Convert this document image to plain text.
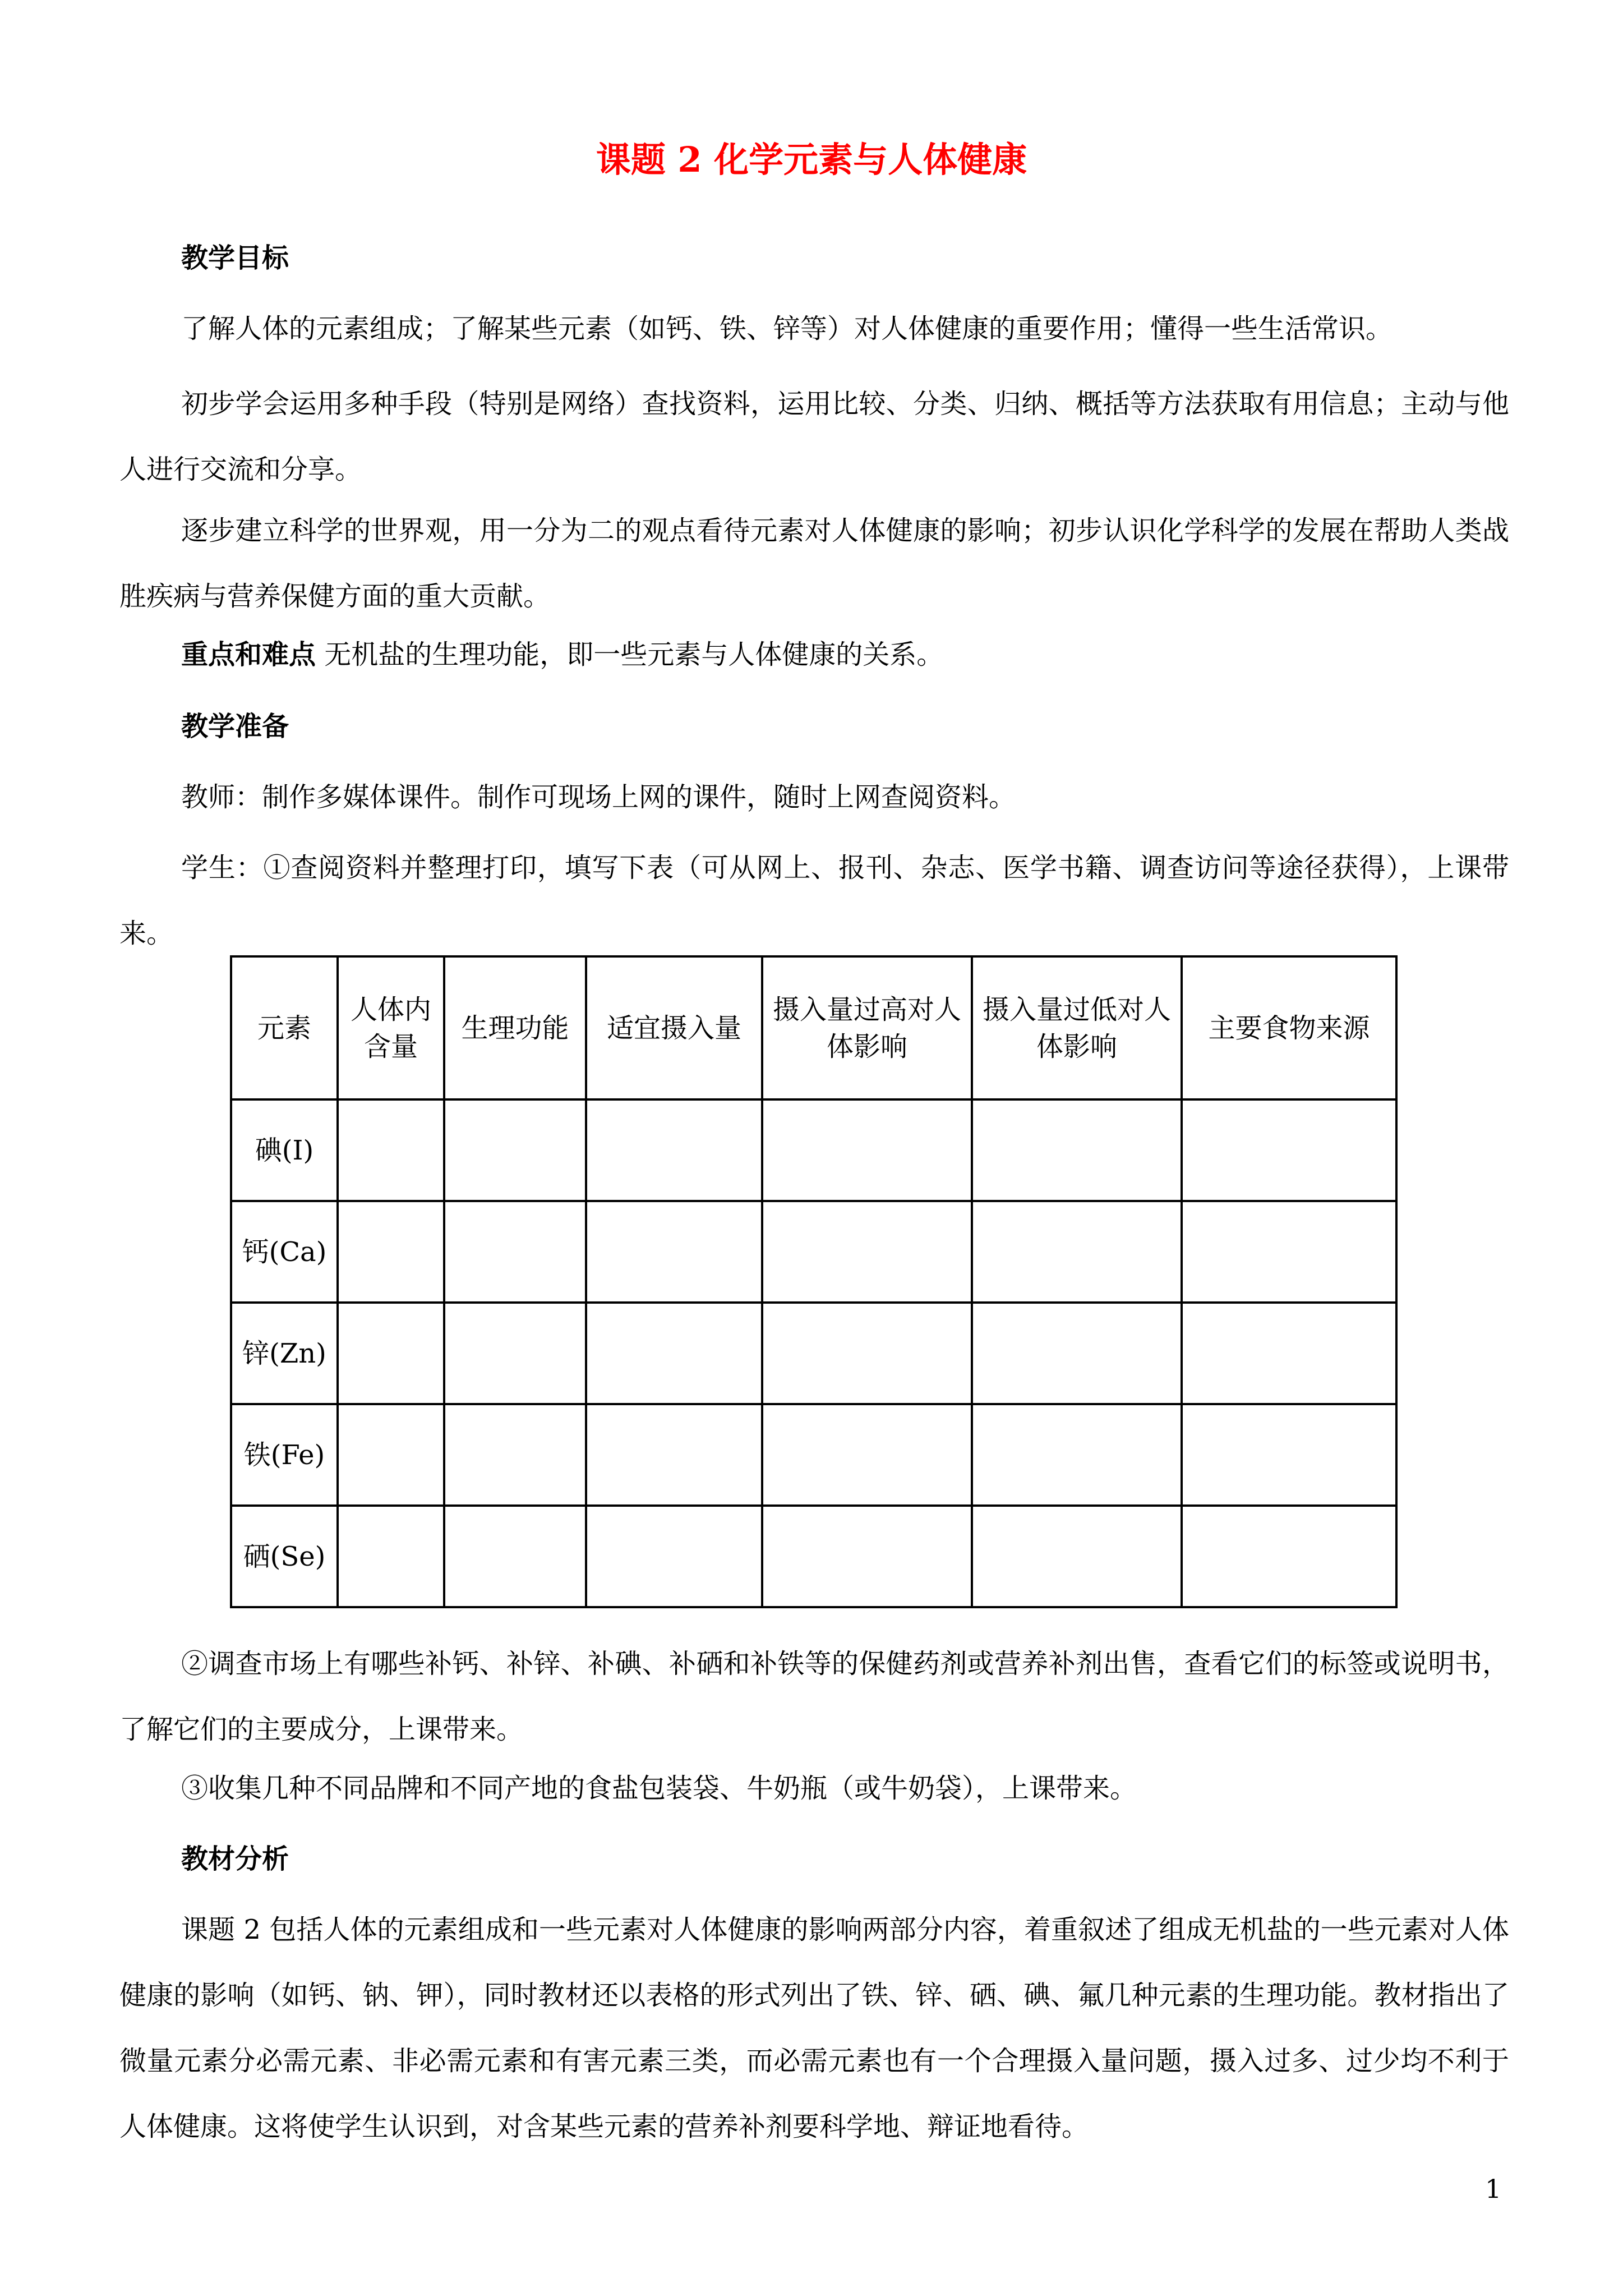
课题 2 化学元素与人体健康
教学目标
了解人体的元素组成；了解某些元素（如钙、铁、锌等）对人体健康的重要作用；懂得一些生活常识。
初步学会运用多种手段（特别是网络）查找资料，运用比较、分类、归纳、概括等方法获取有用信息；主动与他人进行交流和分享。
逐步建立科学的世界观，用一分为二的观点看待元素对人体健康的影响；初步认识化学科学的发展在帮助人类战胜疾病与营养保健方面的重大贡献。
重点和难点 无机盐的生理功能，即一些元素与人体健康的关系。
教学准备
教师：制作多媒体课件。制作可现场上网的课件，随时上网查阅资料。
学生：①查阅资料并整理打印，填写下表（可从网上、报刊、杂志、医学书籍、调查访问等途径获得），上课带来。
元素	人体内含量	生理功能	适宜摄入量	摄入量过高对人体影响	摄入量过低对人体影响	主要食物来源
碘(I)						
钙(Ca)						
锌(Zn)						
铁(Fe)						
硒(Se)						
②调查市场上有哪些补钙、补锌、补碘、补硒和补铁等的保健药剂或营养补剂出售，查看它们的标签或说明书，了解它们的主要成分，上课带来。
③收集几种不同品牌和不同产地的食盐包装袋、牛奶瓶（或牛奶袋），上课带来。
教材分析
课题 2 包括人体的元素组成和一些元素对人体健康的影响两部分内容，着重叙述了组成无机盐的一些元素对人体健康的影响（如钙、钠、钾），同时教材还以表格的形式列出了铁、锌、硒、碘、氟几种元素的生理功能。教材指出了微量元素分必需元素、非必需元素和有害元素三类，而必需元素也有一个合理摄入量问题，摄入过多、过少均不利于人体健康。这将使学生认识到，对含某些元素的营养补剂要科学地、辩证地看待。
1
